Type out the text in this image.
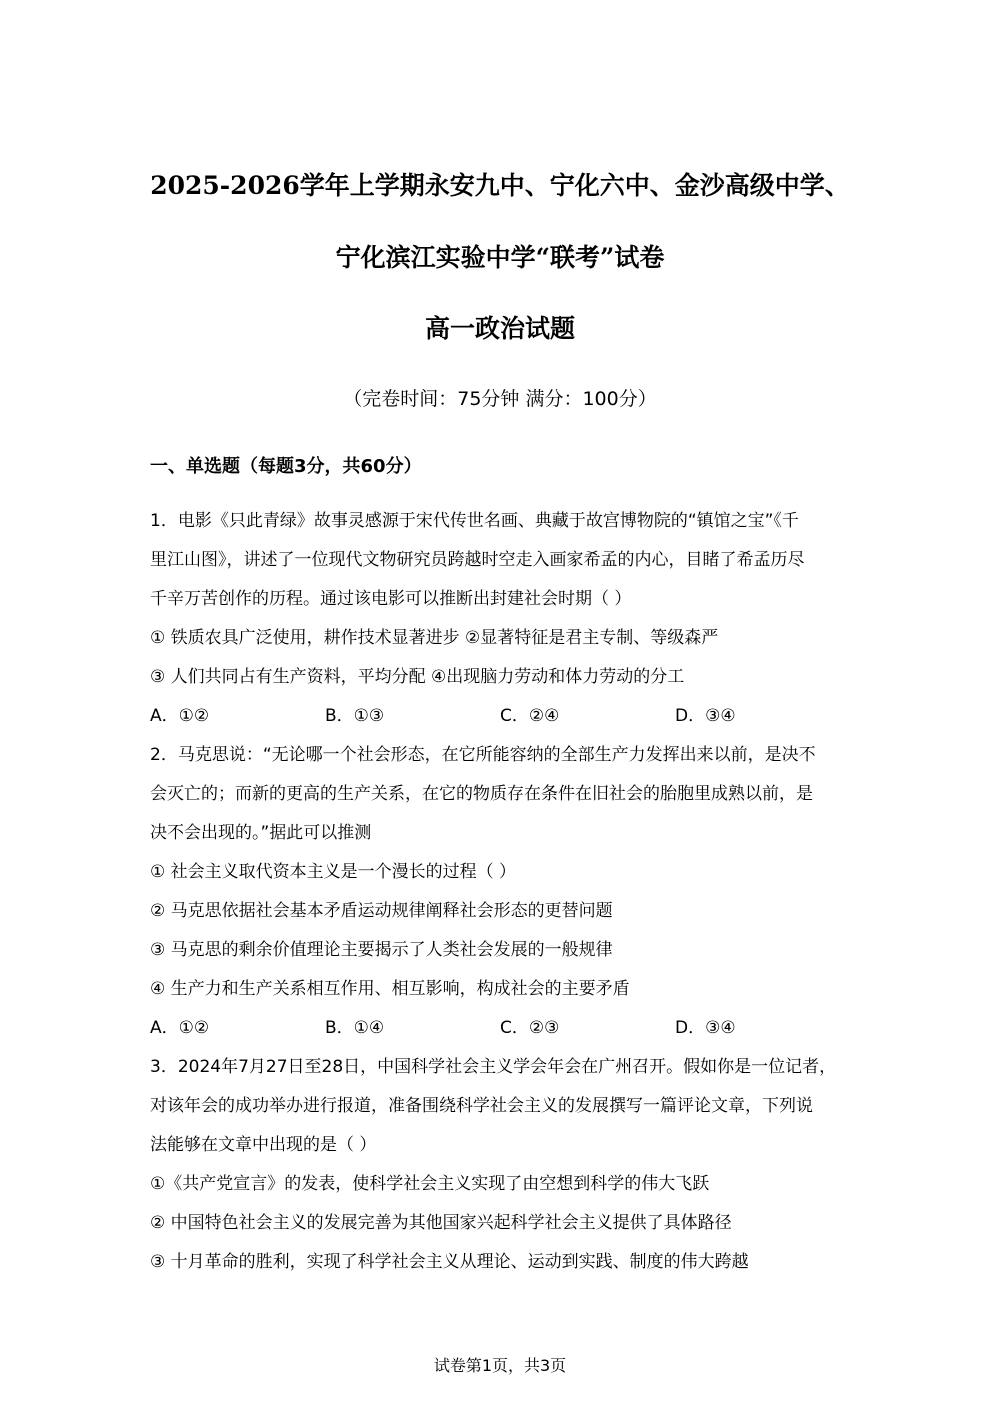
2025-2026学年上学期永安九中、宁化六中、金沙高级中学、
宁化滨江实验中学“联考”试卷
高一政治试题
（完卷时间：75分钟 满分：100分）
一、单选题（每题3分，共60分）
1．电影《只此青绿》故事灵感源于宋代传世名画、典藏于故宫博物院的“镇馆之宝”《千
里江山图》，讲述了一位现代文物研究员跨越时空走入画家希孟的内心，目睹了希孟历尽
千辛万苦创作的历程。通过该电影可以推断出封建社会时期（ ）
① 铁质农具广泛使用，耕作技术显著进步 ②显著特征是君主专制、等级森严
③ 人们共同占有生产资料，平均分配 ④出现脑力劳动和体力劳动的分工
A．①②	B．①③	C．②④	D．③④
2．马克思说：“无论哪一个社会形态，在它所能容纳的全部生产力发挥出来以前，是决不
会灭亡的；而新的更高的生产关系，在它的物质存在条件在旧社会的胎胞里成熟以前，是
决不会出现的。”据此可以推测
① 社会主义取代资本主义是一个漫长的过程（ ）
② 马克思依据社会基本矛盾运动规律阐释社会形态的更替问题
③ 马克思的剩余价值理论主要揭示了人类社会发展的一般规律
④ 生产力和生产关系相互作用、相互影响，构成社会的主要矛盾
A．①②	B．①④	C．②③	D．③④
3．2024年7月27日至28日，中国科学社会主义学会年会在广州召开。假如你是一位记者，
对该年会的成功举办进行报道，准备围绕科学社会主义的发展撰写一篇评论文章，下列说
法能够在文章中出现的是（ ）
①《共产党宣言》的发表，使科学社会主义实现了由空想到科学的伟大飞跃
② 中国特色社会主义的发展完善为其他国家兴起科学社会主义提供了具体路径
③ 十月革命的胜利，实现了科学社会主义从理论、运动到实践、制度的伟大跨越
试卷第1页，共3页
